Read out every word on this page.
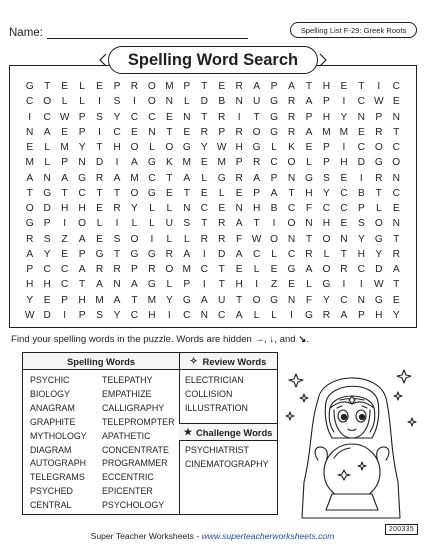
Name:	Spelling List F-29: Greek Roots
Spelling Word Search
G	T	E	L	E	P	R O M P	T	E	R	A	P	A	T	H	E	T	I	C
C O	L	L	I	S	I	O N	L	D	B	N U G R	A	P	I	C W E
I	C W P	S	Y	C C	E	N	T	R	I	T	G R	P	H	Y	N	P	N
N	A	E	P	I	C	E	N	T	E	R	P	R O G R	A M M E	R	T
E	L	M Y	T	H O	L	O G Y W H G	L	K	E	P	I	C O C
M	L	P	N D	I	A G K M E M P	R C O	L	P	H D G O
A	N	A G R	A M C	T	A	L	G R	A	P	N G S	E	I	R N
T	G	T	C	T	T	O G E	T	E	L	E	P	A	T	H	Y	C	B	T	C
O D H H	E	R	Y	L	L	N C	E	N H	B	C	F	C C	P	L	E
G P	I	O	L	I	L	L	U	S	T	R	A	T	I	O N H	E	S O N
R	S	Z	A	E	S O	I	L	L	R R	F W O N	T	O N	Y G	T
A	Y	E	P G	T	G G R	A	I	D	A	C	L	C R	L	T	H	Y	R
P	C C	A	R R	P	R O M C	T	E	L	E G A O R C D	A
H H C	T	A	N	A G	L	P	I	T	H	I	Z	E	L	G	I	I	W T
Y	E	P	H M A	T M Y G A	U	T	O G N	F	Y	C N G E
W D	I	P	S	Y	C H	I	C N C	A	L	L	I	G R	A	P	H	Y
Find your spelling words in the puzzle. Words are hidden →, ↓, and ↘.
Spelling Words	✧ Review Words
★ Challenge Words
PSYCHIC
BIOLOGY
ANAGRAM
GRAPHITE
MYTHOLOGY
DIAGRAM
AUTOGRAPH
TELEGRAMS
PSYCHED
CENTRAL
TELEPATHY
EMPATHIZE
CALLIGRAPHY
TELEPROMPTER
APATHETIC
CONCENTRATE
PROGRAMMER
ECCENTRIC
EPICENTER
PSYCHOLOGY
ELECTRICIAN
COLLISION
ILLUSTRATION
PSYCHIATRIST
CINEMATOGRAPHY
Super Teacher Worksheets - www.superteacherworksheets.com
200335
